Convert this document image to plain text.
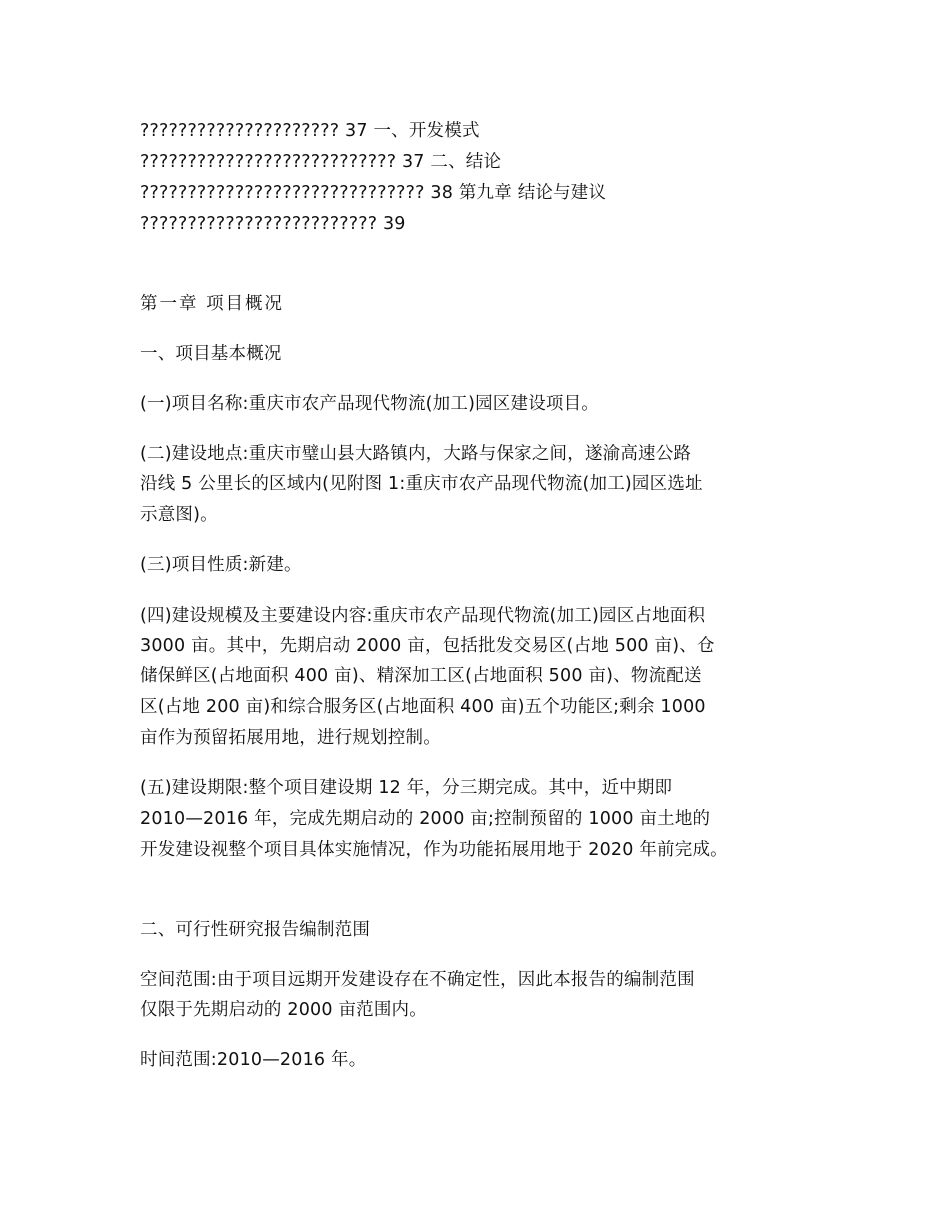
????????????????????? 37 一、开发模式
??????????????????????????? 37 二、结论
?????????????????????????????? 38 第九章 结论与建议
????????????????????????? 39
第一章 项目概况
一、项目基本概况
(一)项目名称:重庆市农产品现代物流(加工)园区建设项目。
(二)建设地点:重庆市璧山县大路镇内，大路与保家之间，遂渝高速公路
沿线 5 公里长的区域内(见附图 1:重庆市农产品现代物流(加工)园区选址
示意图)。
(三)项目性质:新建。
(四)建设规模及主要建设内容:重庆市农产品现代物流(加工)园区占地面积
3000 亩。其中，先期启动 2000 亩，包括批发交易区(占地 500 亩)、仓
储保鲜区(占地面积 400 亩)、精深加工区(占地面积 500 亩)、物流配送
区(占地 200 亩)和综合服务区(占地面积 400 亩)五个功能区;剩余 1000
亩作为预留拓展用地，进行规划控制。
(五)建设期限:整个项目建设期 12 年，分三期完成。其中，近中期即
2010—2016 年，完成先期启动的 2000 亩;控制预留的 1000 亩土地的
开发建设视整个项目具体实施情况，作为功能拓展用地于 2020 年前完成。
二、可行性研究报告编制范围
空间范围:由于项目远期开发建设存在不确定性，因此本报告的编制范围
仅限于先期启动的 2000 亩范围内。
时间范围:2010—2016 年。
